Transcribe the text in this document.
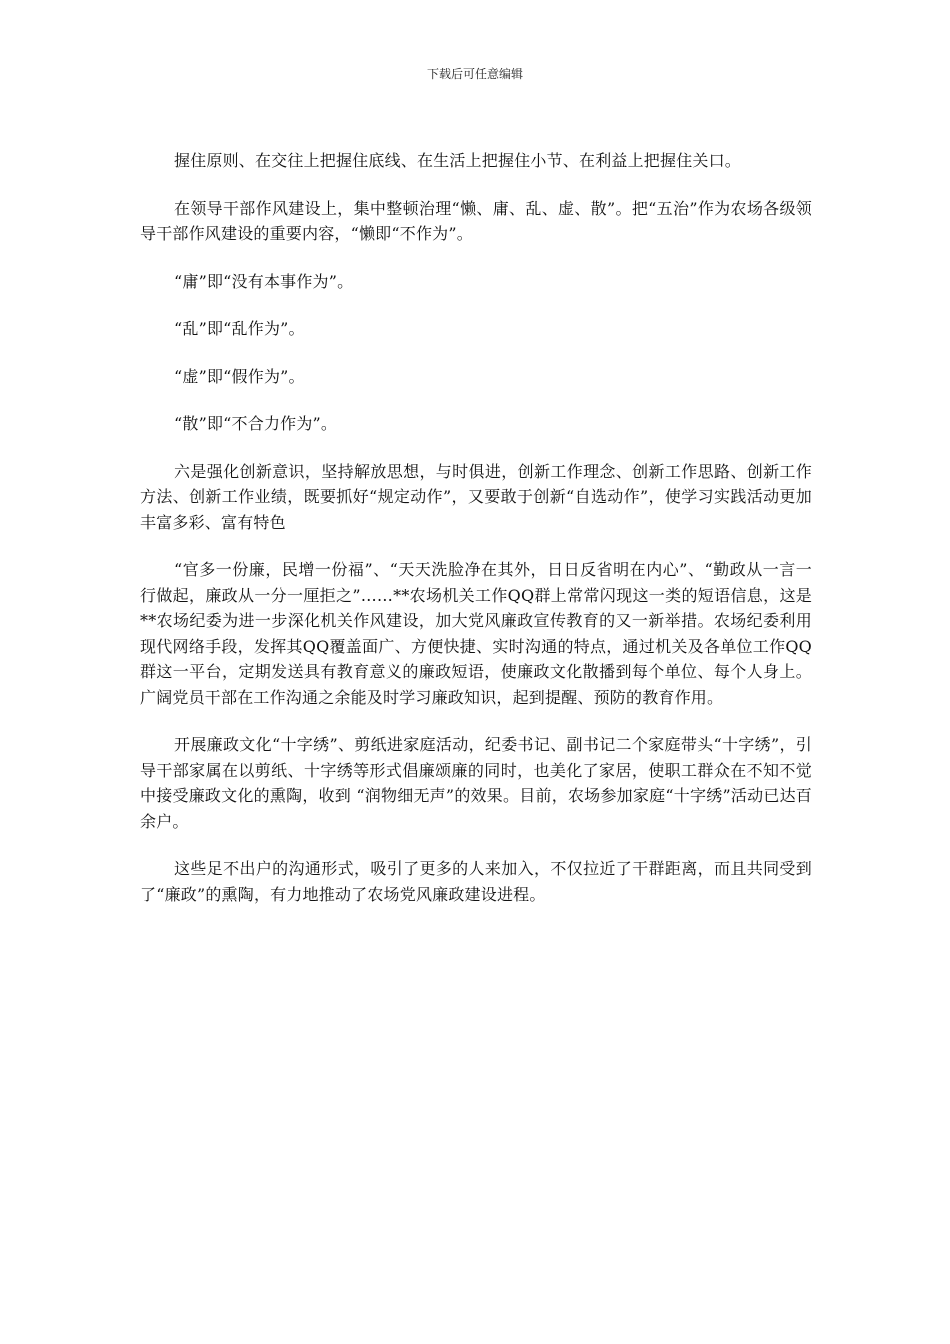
下载后可任意编辑

握住原则、在交往上把握住底线、在生活上把握住小节、在利益上把握住关口。

在领导干部作风建设上，集中整顿治理“懒、庸、乱、虚、散”。把“五治”作为农场各级领导干部作风建设的重要内容，“懒即“不作为”。

“庸”即“没有本事作为”。

“乱”即“乱作为”。

“虚”即“假作为”。

“散”即“不合力作为”。

六是强化创新意识，坚持解放思想，与时俱进，创新工作理念、创新工作思路、创新工作方法、创新工作业绩，既要抓好“规定动作”，又要敢于创新“自选动作”，使学习实践活动更加丰富多彩、富有特色

“官多一份廉，民增一份福”、“天天洗脸净在其外，日日反省明在内心”、“勤政从一言一行做起，廉政从一分一厘拒之”……**农场机关工作QQ群上常常闪现这一类的短语信息，这是**农场纪委为进一步深化机关作风建设，加大党风廉政宣传教育的又一新举措。农场纪委利用现代网络手段，发挥其QQ覆盖面广、方便快捷、实时沟通的特点，通过机关及各单位工作QQ群这一平台，定期发送具有教育意义的廉政短语，使廉政文化散播到每个单位、每个人身上。广阔党员干部在工作沟通之余能及时学习廉政知识，起到提醒、预防的教育作用。

开展廉政文化“十字绣”、剪纸进家庭活动，纪委书记、副书记二个家庭带头“十字绣”，引导干部家属在以剪纸、十字绣等形式倡廉颂廉的同时，也美化了家居，使职工群众在不知不觉中接受廉政文化的熏陶，收到 “润物细无声”的效果。目前，农场参加家庭“十字绣”活动已达百余户。

这些足不出户的沟通形式，吸引了更多的人来加入，不仅拉近了干群距离，而且共同受到了“廉政”的熏陶，有力地推动了农场党风廉政建设进程。
